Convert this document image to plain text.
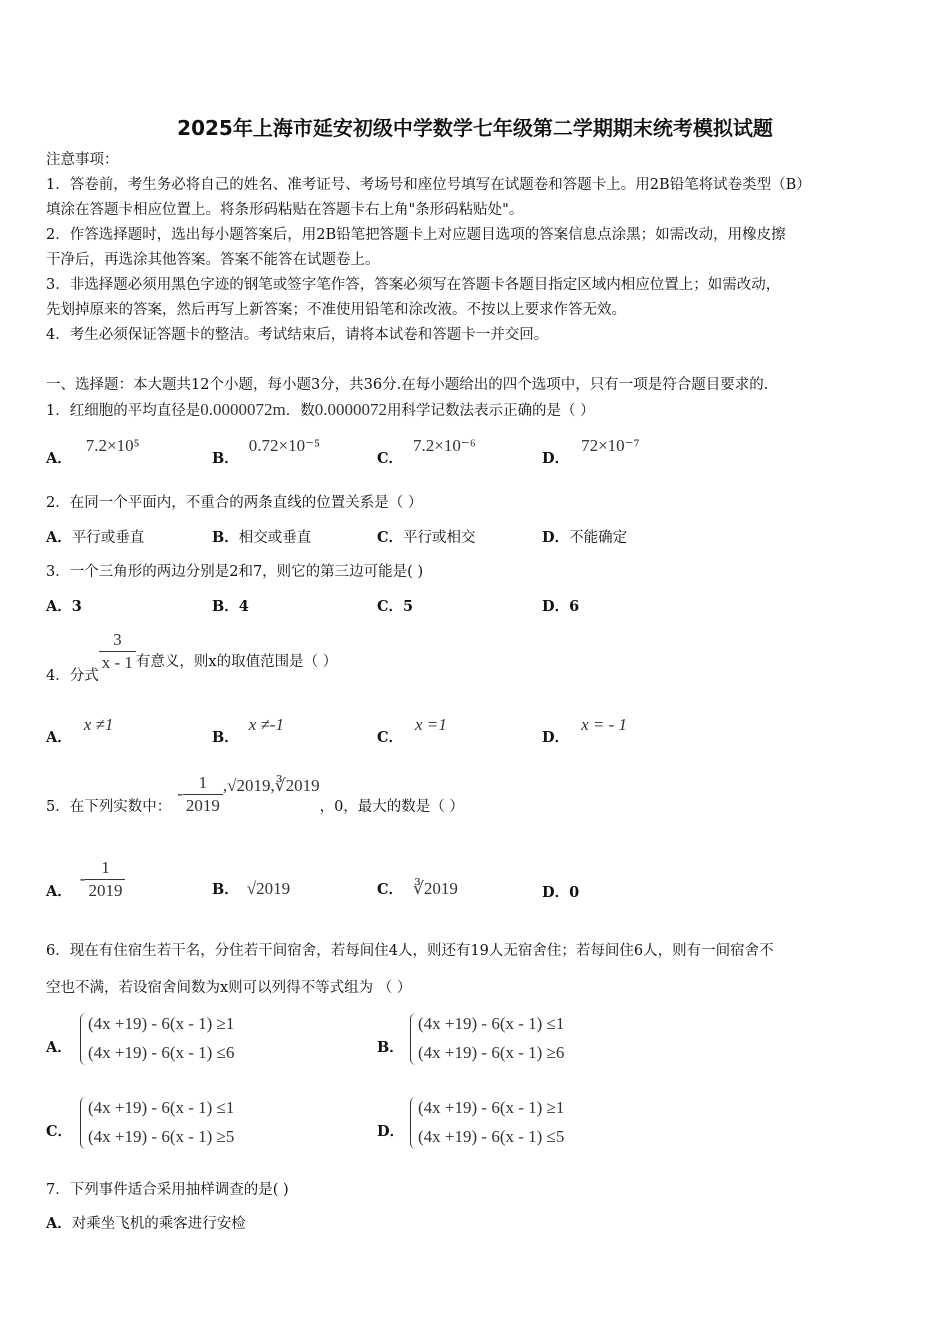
2025年上海市延安初级中学数学七年级第二学期期末统考模拟试题
注意事项：
1．答卷前，考生务必将自己的姓名、准考证号、考场号和座位号填写在试题卷和答题卡上。用2B铅笔将试卷类型（B）
填涂在答题卡相应位置上。将条形码粘贴在答题卡右上角"条形码粘贴处"。
2．作答选择题时，选出每小题答案后，用2B铅笔把答题卡上对应题目选项的答案信息点涂黑；如需改动，用橡皮擦
干净后，再选涂其他答案。答案不能答在试题卷上。
3．非选择题必须用黑色字迹的钢笔或签字笔作答，答案必须写在答题卡各题目指定区域内相应位置上；如需改动，
先划掉原来的答案，然后再写上新答案；不准使用铅笔和涂改液。不按以上要求作答无效。
4．考生必须保证答题卡的整洁。考试结束后，请将本试卷和答题卡一并交回。
一、选择题：本大题共12个小题，每小题3分，共36分.在每小题给出的四个选项中，只有一项是符合题目要求的.
1．红细胞的平均直径是0.0000072m．数0.0000072用科学记数法表示正确的是（ ）
A．7.2×10⁵
B．0.72×10⁻⁵
C．7.2×10⁻⁶
D．72×10⁻⁷
2．在同一个平面内，不重合的两条直线的位置关系是（ ）
A．平行或垂直	B．相交或垂直	C．平行或相交	D．不能确定
3．一个三角形的两边分别是2和7，则它的第三边可能是( )
A．3	B．4	C．5	D．6
4．分式
$\frac{3}{x - 1}$ 有意义，则x的取值范围是（ ）
A．x ≠1
B．x ≠-1
C．x =1
D．x = - 1
5．在下列实数中：- $\frac{1}{2019}$ ,√2019,∛2019，0，最大的数是（ ）
A．- $\frac{1}{2019}$	B． √2019	C． ∛2019	D．0
6．现在有住宿生若干名，分住若干间宿舍，若每间住4人，则还有19人无宿舍住；若每间住6人，则有一间宿舍不
空也不满，若设宿舍间数为x则可以列得不等式组为 （ ）
A．
(4x +19) - 6(x - 1) ≥1
(4x +19) - 6(x - 1) ≤6	B．
(4x +19) - 6(x - 1) ≤1
(4x +19) - 6(x - 1) ≥6
C．
(4x +19) - 6(x - 1) ≤1
(4x +19) - 6(x - 1) ≥5	D．
(4x +19) - 6(x - 1) ≥1
(4x +19) - 6(x - 1) ≤5
7．下列事件适合采用抽样调查的是( )
A．对乘坐飞机的乘客进行安检
